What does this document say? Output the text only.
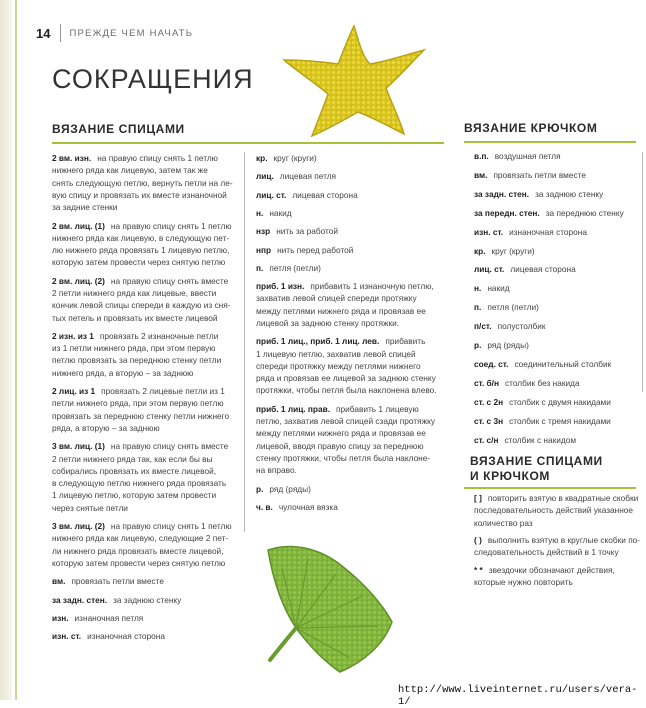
14 ПРЕЖДЕ ЧЕМ НАЧАТЬ
СОКРАЩЕНИЯ
ВЯЗАНИЕ СПИЦАМИ	ВЯЗАНИЕ КРЮЧКОМ
ВЯЗАНИЕ СПИЦАМИ
И КРЮЧКОМ
2 вм. изн. на правую спицу снять 1 петлю
нижнего ряда как лицевую, затем так же
снять следующую петлю, вернуть петли на ле-
вую спицу и провязать их вместе изнаночной
за задние стенки
2 вм. лиц. (1) на правую спицу снять 1 петлю
нижнего ряда как лицевую, в следующую пет-
лю нижнего ряда провязать 1 лицевую петлю,
которую затем провести через снятую петлю
2 вм. лиц. (2) на правую спицу снять вместе
2 петли нижнего ряда как лицевые, ввести
кончик левой спицы спереди в каждую из сня-
тых петель и провязать их вместе лицевой
2 изн. из 1 провязать 2 изнаночные петли
из 1 петли нижнего ряда, при этом первую
петлю провязать за переднюю стенку петли
нижнего ряда, а вторую – за заднюю
2 лиц. из 1 провязать 2 лицевые петли из 1
петли нижнего ряда, при этом первую петлю
провязать за переднюю стенку петли нижнего
ряда, а вторую – за заднюю
3 вм. лиц. (1) на правую спицу снять вместе
2 петли нижнего ряда так, как если бы вы
собирались провязать их вместе лицевой,
в следующую петлю нижнего ряда провязать
1 лицевую петлю, которую затем провести
через снятые петли
3 вм. лиц. (2) на правую спицу снять 1 петлю
нижнего ряда как лицевую, следующие 2 пет-
ли нижнего ряда провязать вместе лицевой,
которую затем провести через снятую петлю
вм. провязать петли вместе
за задн. стен. за заднюю стенку
изн. изнаночная петля
изн. ст. изнаночная сторона
кр. круг (круги)
лиц. лицевая петля
лиц. ст. лицевая сторона
н. накид
нзр нить за работой
нпр нить перед работой
п. петля (петли)
приб. 1 изн. прибавить 1 изнаночную петлю,
захватив левой спицей спереди протяжку
между петлями нижнего ряда и провязав ее
лицевой за заднюю стенку протяжки.
приб. 1 лиц., приб. 1 лиц. лев. прибавить
1 лицевую петлю, захватив левой спицей
спереди протяжку между петлями нижнего
ряда и провязав ее лицевой за заднюю стенку
протяжки, чтобы петля была наклонена влево.
приб. 1 лиц. прав. прибавить 1 лицевую
петлю, захватив левой спицей сзади протяжку
между петлями нижнего ряда и провязав ее
лицевой, вводя правую спицу за переднюю
стенку протяжки, чтобы петля была наклоне-
на вправо.
р. ряд (ряды)
ч. в. чулочная вязка
в.п. воздушная петля
вм. провязать петли вместе
за задн. стен. за заднюю стенку
за передн. стен. за переднюю стенку
изн. ст. изнаночная сторона
кр. круг (круги)
лиц. ст. лицевая сторона
н. накид
п. петля (петли)
п/ст. полустолбик
р. ряд (ряды)
соед. ст. соединительный столбик
ст. б/н столбик без накида
ст. с 2н столбик с двумя накидами
ст. с 3н столбик с тремя накидами
ст. с/н столбик с накидом
[ ] повторить взятую в квадратные скобки
последовательность действий указанное
количество раз
( ) выполнить взятую в круглые скобки по-
следовательность действий в 1 точку
* * звездочки обозначают действия,
которые нужно повторить
http://www.liveinternet.ru/users/vera-1/
